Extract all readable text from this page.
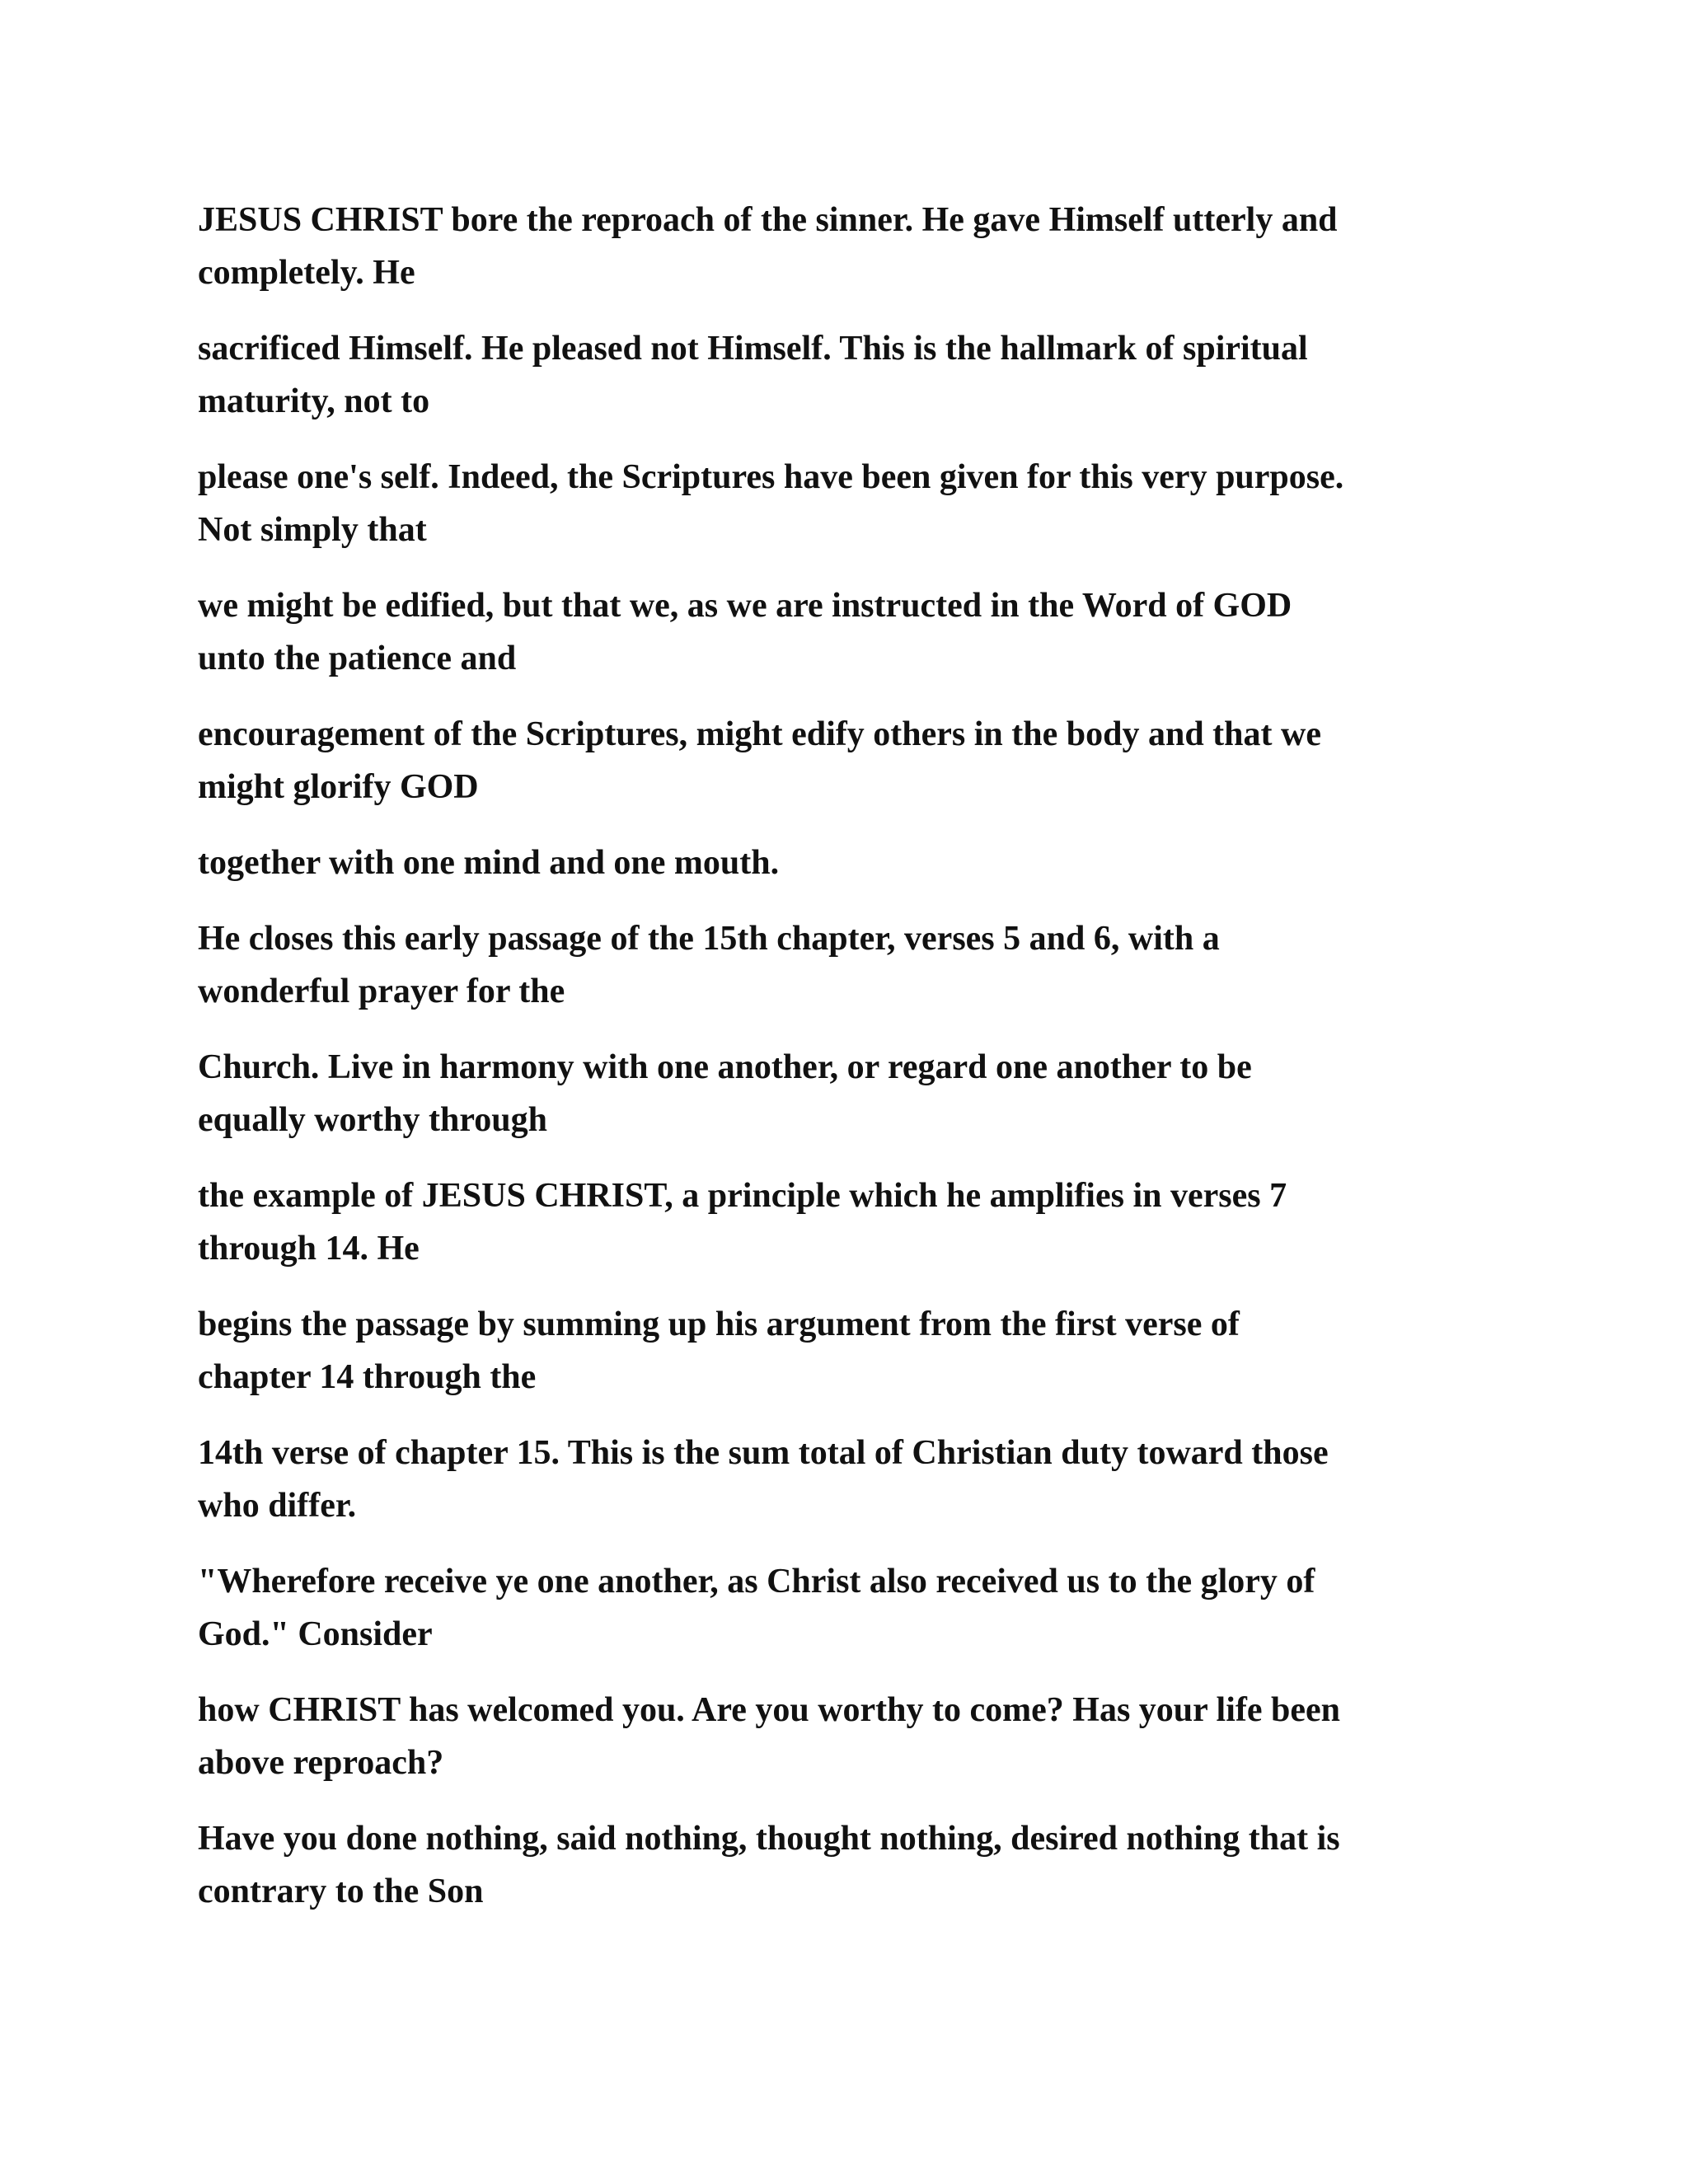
JESUS CHRIST bore the reproach of the sinner. He gave Himself utterly and
completely. He
sacrificed Himself. He pleased not Himself. This is the hallmark of spiritual
maturity, not to
please one's self. Indeed, the Scriptures have been given for this very purpose.
Not simply that
we might be edified, but that we, as we are instructed in the Word of GOD
unto the patience and
encouragement of the Scriptures, might edify others in the body and that we
might glorify GOD
together with one mind and one mouth.
He closes this early passage of the 15th chapter, verses 5 and 6, with a
wonderful prayer for the
Church. Live in harmony with one another, or regard one another to be
equally worthy through
the example of JESUS CHRIST, a principle which he amplifies in verses 7
through 14. He
begins the passage by summing up his argument from the first verse of
chapter 14 through the
14th verse of chapter 15. This is the sum total of Christian duty toward those
who differ.
"Wherefore receive ye one another, as Christ also received us to the glory of
God." Consider
how CHRIST has welcomed you. Are you worthy to come? Has your life been
above reproach?
Have you done nothing, said nothing, thought nothing, desired nothing that is
contrary to the Son
